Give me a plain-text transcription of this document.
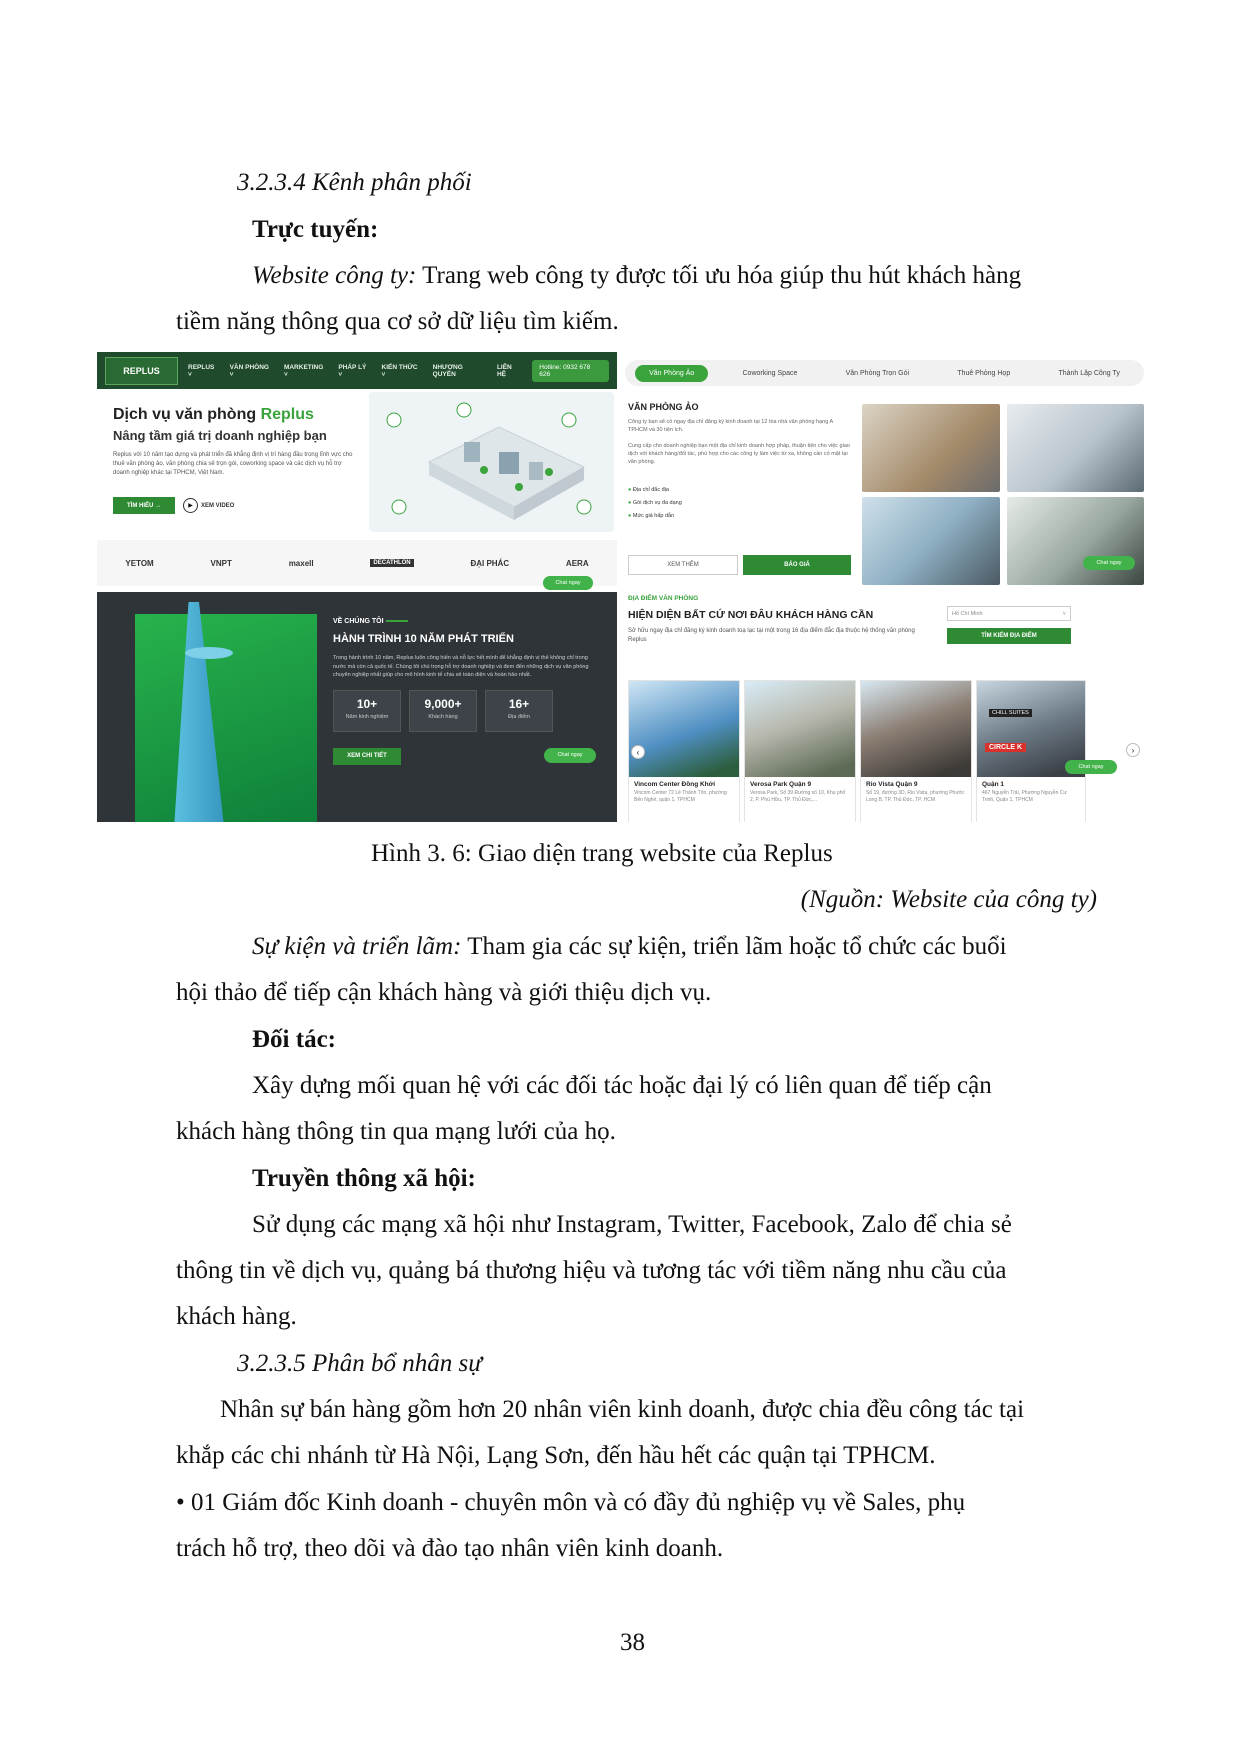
3.2.3.4 Kênh phân phối
Trực tuyến:
Website công ty: Trang web công ty được tối ưu hóa giúp thu hút khách hàng
tiềm năng thông qua cơ sở dữ liệu tìm kiếm.
REPLUS	REPLUS ˅
VĂN PHÒNG ˅
MARKETING ˅
PHÁP LÝ ˅
KIẾN THỨC ˅
NHƯỢNG QUYỀN
LIÊN HỆ
Hotline: 0932 678 626
Dịch vụ văn phòng Replus
Nâng tầm giá trị doanh nghiệp bạn
Replus với 10 năm tạo dựng và phát triển đã khẳng định vị trí hàng đầu trong lĩnh vực cho thuê văn phòng ảo, văn phòng chia sẻ trọn gói, coworking space và các dịch vụ hỗ trợ doanh nghiệp khác tại TPHCM, Việt Nam.
TÌM HIỂU →	▶	XEM VIDEO
YETOM	VNPT	maxell	DECATHLON	ĐẠI PHÁC	AERA
Chat ngay
VỀ CHÚNG TÔI
HÀNH TRÌNH 10 NĂM PHÁT TRIỂN
Trong hành trình 10 năm, Replus luôn công hiến và nỗ lực hết mình để khẳng định vị thế không chỉ trong nước mà còn cả quốc tế. Chúng tôi chú trọng hỗ trợ doanh nghiệp và đem đến những dịch vụ văn phòng chuyên nghiệp nhất giúp cho mô hình kinh tế chia sẻ toàn diện và hoàn hảo nhất.
10+
Năm kinh nghiệm
9,000+
Khách hàng
16+
Địa điểm
XEM CHI TIẾT	Chat ngay
Văn Phòng Ảo	Coworking Space	Văn Phòng Trọn Gói	Thuê Phòng Họp	Thành Lập Công Ty
VĂN PHÒNG ẢO
Công ty bạn sẽ có ngay địa chỉ đăng ký kinh doanh tại 12 tòa nhà văn phòng hạng A TPHCM và 30 tiện ích.
Cung cấp cho doanh nghiệp bạn một địa chỉ kinh doanh hợp pháp, thuận tiện cho việc giao dịch với khách hàng/đối tác, phù hợp cho các công ty làm việc từ xa, không cần có mặt tại văn phòng.
● Địa chỉ đắc địa
● Gói dịch vụ đa dạng
● Mức giá hấp dẫn
XEM THÊM	BÁO GIÁ	Chat ngay
ĐỊA ĐIỂM VĂN PHÒNG
HIỆN DIỆN BẤT CỨ NƠI ĐÂU KHÁCH HÀNG CẦN
Sở hữu ngay địa chỉ đăng ký kinh doanh toạ lạc tại một trong 16 địa điểm đắc địa thuộc hệ thống văn phòng Replus
Hồ Chí Minh	˅
TÌM KIẾM ĐỊA ĐIỂM
Vincom Center Đồng Khởi
Vincom Center 72 Lê Thánh Tôn, phường Bến Nghé, quận 1, TPHCM
Verosa Park Quận 9
Verosa Park, Số 39 Đường số 10, Khu phố 2, P. Phú Hữu, TP. Thủ Đức,...
Rio Vista Quận 9
Số 19, đường 3D, Rio Vista, phường Phước Long B, TP. Thủ Đức, TP. HCM
CHILL SUITES
CIRCLE K
Quận 1
467 Nguyễn Trãi, Phường Nguyễn Cư Trinh, Quận 1, TPHCM
‹	›
Chat ngay
Hình 3. 6: Giao diện trang website của Replus
(Nguồn: Website của công ty)
Sự kiện và triển lãm: Tham gia các sự kiện, triển lãm hoặc tổ chức các buổi
hội thảo để tiếp cận khách hàng và giới thiệu dịch vụ.
Đối tác:
Xây dựng mối quan hệ với các đối tác hoặc đại lý có liên quan để tiếp cận
khách hàng thông tin qua mạng lưới của họ.
Truyền thông xã hội:
Sử dụng các mạng xã hội như Instagram, Twitter, Facebook, Zalo để chia sẻ
thông tin về dịch vụ, quảng bá thương hiệu và tương tác với tiềm năng nhu cầu của
khách hàng.
3.2.3.5 Phân bổ nhân sự
Nhân sự bán hàng gồm hơn 20 nhân viên kinh doanh, được chia đều công tác tại
khắp các chi nhánh từ Hà Nội, Lạng Sơn, đến hầu hết các quận tại TPHCM.
• 01 Giám đốc Kinh doanh - chuyên môn và có đầy đủ nghiệp vụ về Sales, phụ
trách hỗ trợ, theo dõi và đào tạo nhân viên kinh doanh.
38
